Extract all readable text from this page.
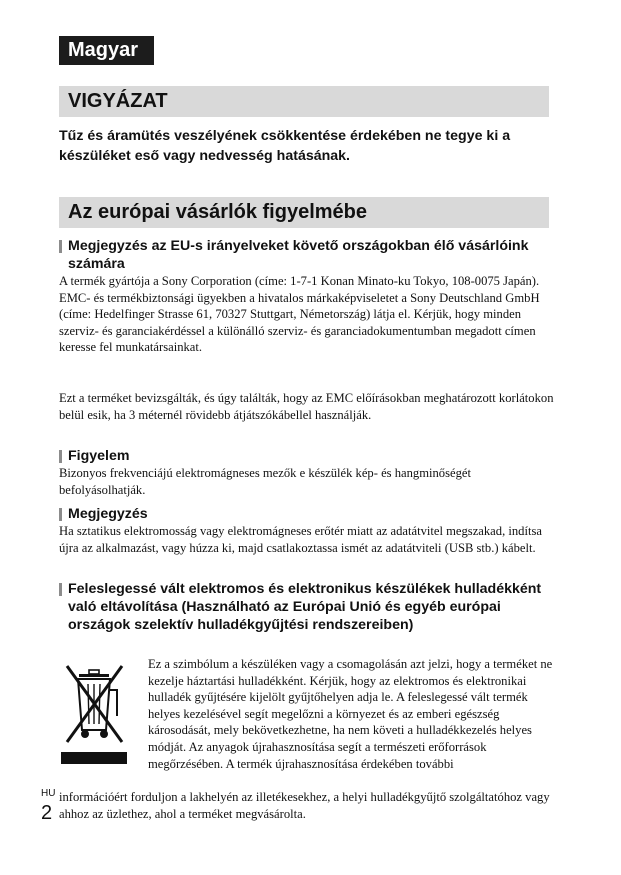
Magyar
VIGYÁZAT

Tűz és áramütés veszélyének csökkentése érdekében ne tegye ki a készüléket eső vagy nedvesség hatásának.

Az európai vásárlók figyelmébe
Megjegyzés az EU-s irányelveket követő országokban élő vásárlóink számára

A termék gyártója a Sony Corporation (címe: 1-7-1 Konan Minato-ku Tokyo, 108-0075 Japán). EMC- és termékbiztonsági ügyekben a hivatalos márkaképviseletet a Sony Deutschland GmbH (címe: Hedelfinger Strasse 61, 70327 Stuttgart, Németország) látja el. Kérjük, hogy minden szerviz- és garanciakérdéssel a különálló szerviz- és garanciadokumentumban megadott címen keresse fel munkatársainkat.

Ezt a terméket bevizsgálták, és úgy találták, hogy az EMC előírásokban meghatározott korlátokon belül esik, ha 3 méternél rövidebb átjátszókábellel használják.

Figyelem

Bizonyos frekvenciájú elektromágneses mezők e készülék kép- és hangminőségét befolyásolhatják.

Megjegyzés

Ha sztatikus elektromosság vagy elektromágneses erőtér miatt az adatátvitel megszakad, indítsa újra az alkalmazást, vagy húzza ki, majd csatlakoztassa ismét az adatátviteli (USB stb.) kábelt.

Feleslegessé vált elektromos és elektronikus készülékek hulladékként való eltávolítása (Használható az Európai Unió és egyéb európai országok szelektív hulladékgyűjtési rendszereiben)

Ez a szimbólum a készüléken vagy a csomagolásán azt jelzi, hogy a terméket ne kezelje háztartási hulladékként. Kérjük, hogy az elektromos és elektronikai hulladék gyűjtésére kijelölt gyűjtőhelyen adja le. A feleslegessé vált termék helyes kezelésével segít megelőzni a környezet és az emberi egészség károsodását, mely bekövetkezhetne, ha nem követi a hulladékkezelés helyes módját. Az anyagok újrahasznosítása segít a természeti erőforrások megőrzésében. A termék újrahasznosítása érdekében további

információért forduljon a lakhelyén az illetékesekhez, a helyi hulladékgyűjtő szolgáltatóhoz vagy ahhoz az üzlethez, ahol a terméket megvásárolta.

HU
2
